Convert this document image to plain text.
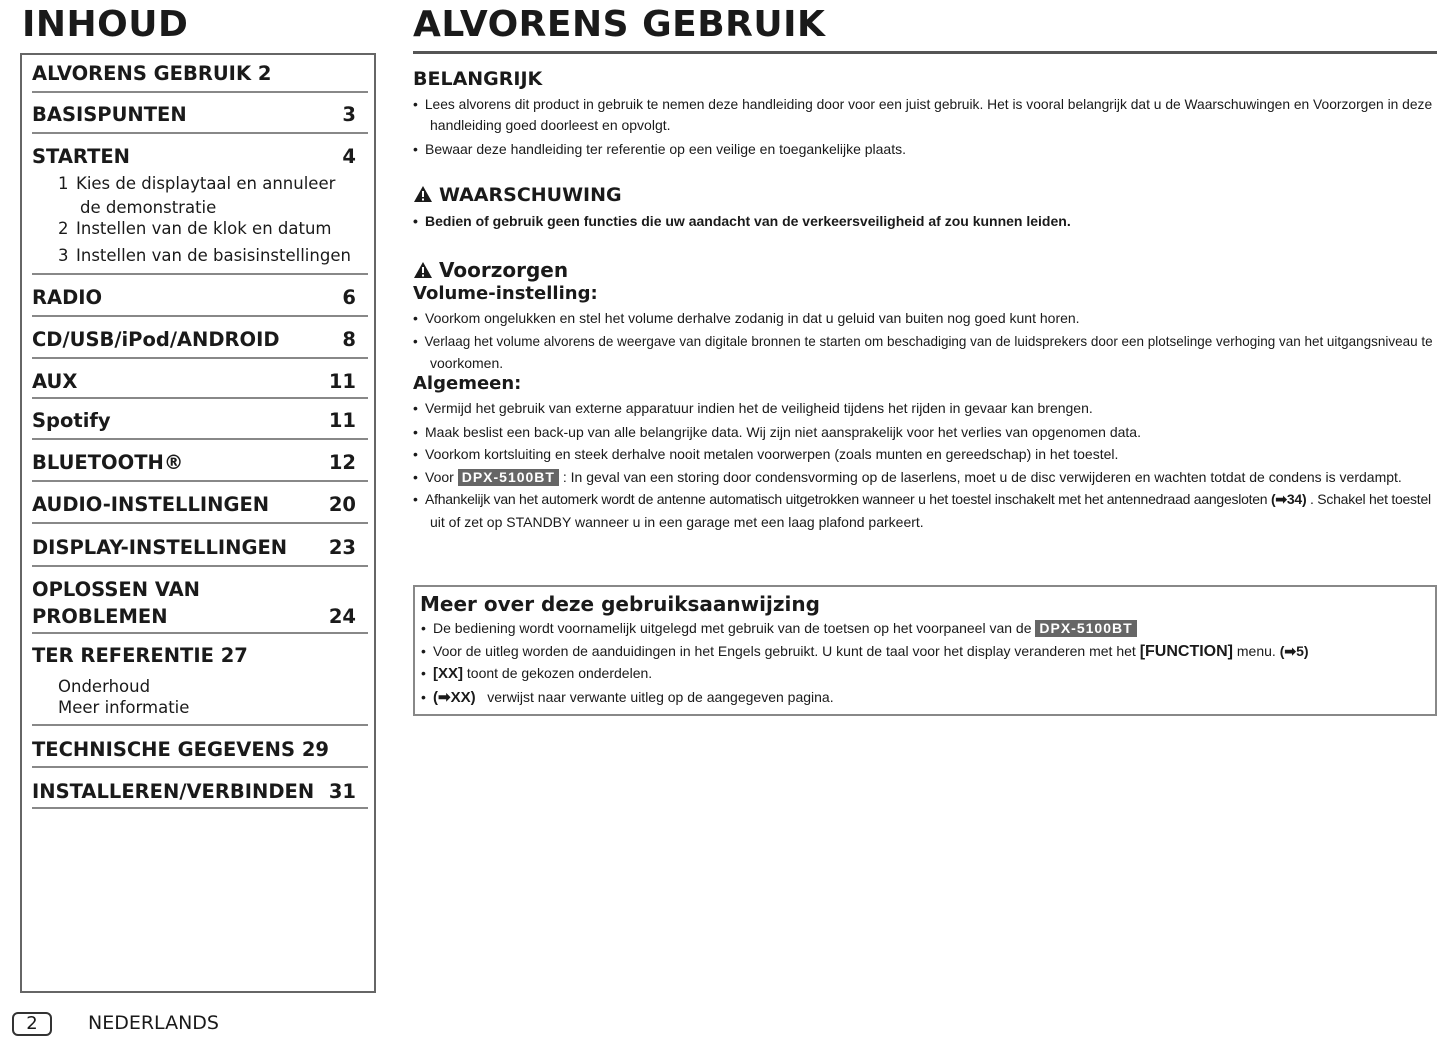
INHOUD	ALVORENS GEBRUIK
ALVORENS GEBRUIK 2
BASISPUNTEN	3
STARTEN	4
1 Kies de displaytaal en annuleer
de demonstratie
2 Instellen van de klok en datum
3 Instellen van de basisinstellingen
RADIO	6
CD/USB/iPod/ANDROID	8
AUX	11
Spotify	11
BLUETOOTH®	12
AUDIO-INSTELLINGEN	20
DISPLAY-INSTELLINGEN 23
OPLOSSEN VAN
PROBLEMEN	24
TER REFERENTIE 27
Onderhoud
Meer informatie
TECHNISCHE GEGEVENS 29
INSTALLEREN/VERBINDEN 31
BELANGRIJK
• Lees alvorens dit product in gebruik te nemen deze handleiding door voor een juist gebruik. Het is vooral belangrijk dat u de Waarschuwingen en Voorzorgen in deze
handleiding goed doorleest en opvolgt.
• Bewaar deze handleiding ter referentie op een veilige en toegankelijke plaats.
WAARSCHUWING
• Bedien of gebruik geen functies die uw aandacht van de verkeersveiligheid af zou kunnen leiden.
Voorzorgen
Volume-instelling:
• Voorkom ongelukken en stel het volume derhalve zodanig in dat u geluid van buiten nog goed kunt horen.
• Verlaag het volume alvorens de weergave van digitale bronnen te starten om beschadiging van de luidsprekers door een plotselinge verhoging van het uitgangsniveau te
voorkomen.
Algemeen:
• Vermijd het gebruik van externe apparatuur indien het de veiligheid tijdens het rijden in gevaar kan brengen.
• Maak beslist een back-up van alle belangrijke data. Wij zijn niet aansprakelijk voor het verlies van opgenomen data.
• Voorkom kortsluiting en steek derhalve nooit metalen voorwerpen (zoals munten en gereedschap) in het toestel.
• Voor DPX-5100BT : In geval van een storing door condensvorming op de laserlens, moet u de disc verwijderen en wachten totdat de condens is verdampt.
• Afhankelijk van het automerk wordt de antenne automatisch uitgetrokken wanneer u het toestel inschakelt met het antennedraad aangesloten (➡34) . Schakel het toestel
uit of zet op STANDBY wanneer u in een garage met een laag plafond parkeert.
Meer over deze gebruiksaanwijzing
• De bediening wordt voornamelijk uitgelegd met gebruik van de toetsen op het voorpaneel van de DPX-5100BT
• Voor de uitleg worden de aanduidingen in het Engels gebruikt. U kunt de taal voor het display veranderen met het [FUNCTION] menu. (➡5)
• [XX] toont de gekozen onderdelen.
• (➡XX) verwijst naar verwante uitleg op de aangegeven pagina.
2	NEDERLANDS
